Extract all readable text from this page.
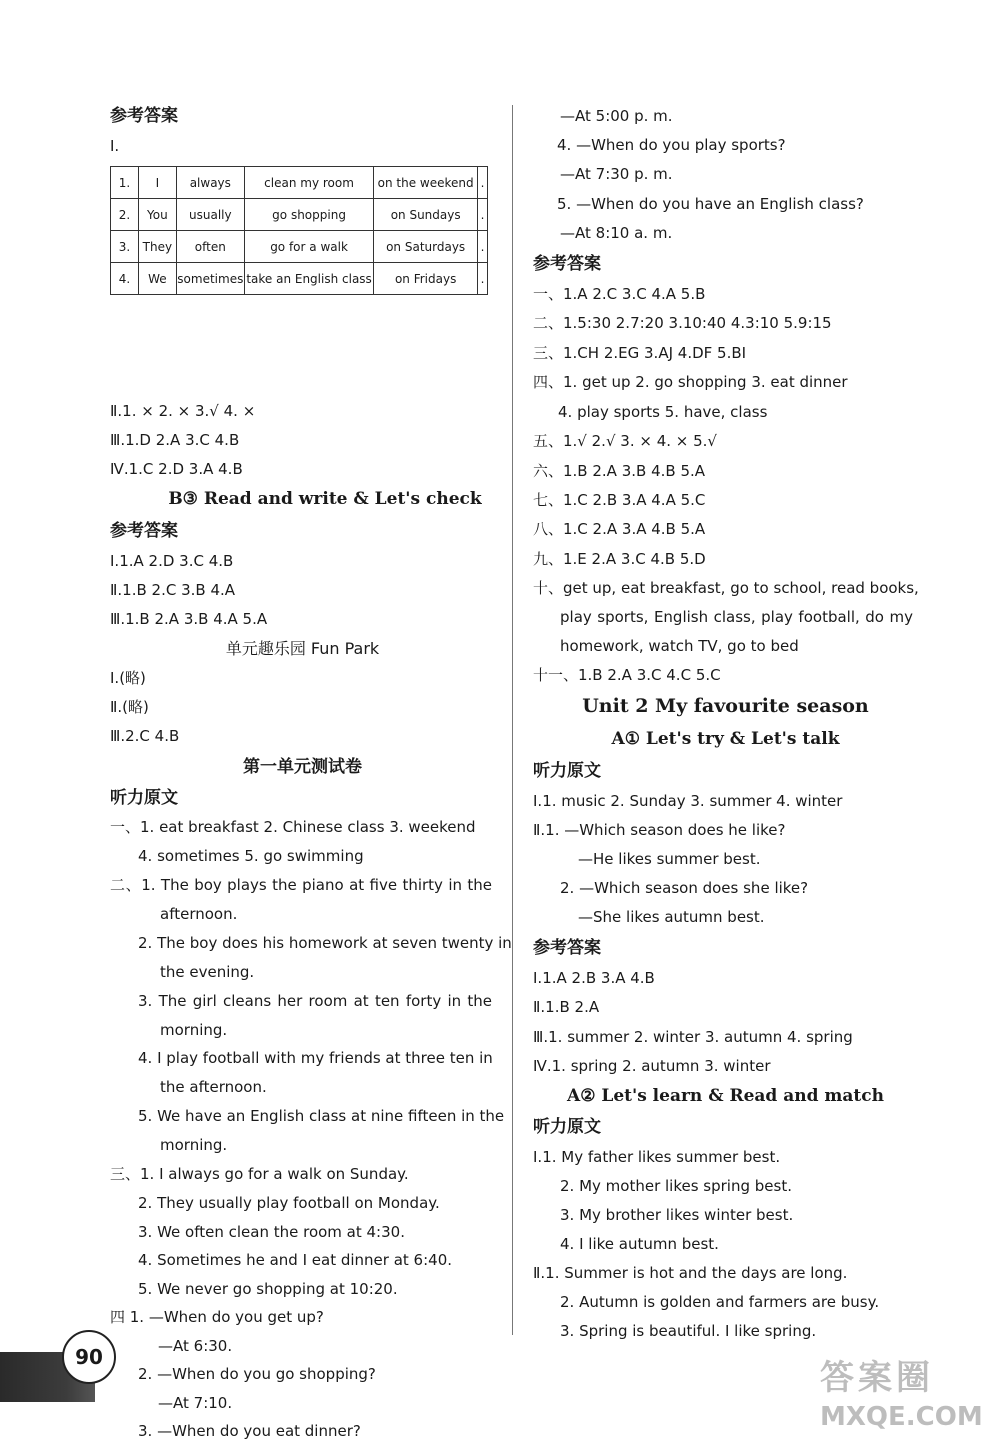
参考答案
Ⅰ.
Ⅱ.1. × 2. × 3.√ 4. ×
Ⅲ.1.D 2.A 3.C 4.B
Ⅳ.1.C 2.D 3.A 4.B
B③ Read and write & Let's check
参考答案
Ⅰ.1.A 2.D 3.C 4.B
Ⅱ.1.B 2.C 3.B 4.A
Ⅲ.1.B 2.A 3.B 4.A 5.A
单元趣乐园 Fun Park
Ⅰ.(略)
Ⅱ.(略)
Ⅲ.2.C 4.B
第一单元测试卷
听力原文
一、1. eat breakfast 2. Chinese class 3. weekend
4. sometimes 5. go swimming
二、1. The boy plays the piano at five thirty in the
afternoon.
2. The boy does his homework at seven twenty in
the evening.
3. The girl cleans her room at ten forty in the
morning.
4. I play football with my friends at three ten in
the afternoon.
5. We have an English class at nine fifteen in the
morning.
三、1. I always go for a walk on Sunday.
2. They usually play football on Monday.
3. We often clean the room at 4:30.
4. Sometimes he and I eat dinner at 6:40.
5. We never go shopping at 10:20.
四 1. —When do you get up?
—At 6:30.
2. —When do you go shopping?
—At 7:10.
3. —When do you eat dinner?
1.	I	always	clean my room	on the weekend	.
2.	You	usually	go shopping	on Sundays	.
3.	They	often	go for a walk	on Saturdays	.
4.	We	sometimes	take an English class	on Fridays	.
—At 5:00 p. m.
4. —When do you play sports?
—At 7:30 p. m.
5. —When do you have an English class?
—At 8:10 a. m.
参考答案
一、1.A 2.C 3.C 4.A 5.B
二、1.5:30 2.7:20 3.10:40 4.3:10 5.9:15
三、1.CH 2.EG 3.AJ 4.DF 5.BI
四、1. get up 2. go shopping 3. eat dinner
4. play sports 5. have, class
五、1.√ 2.√ 3. × 4. × 5.√
六、1.B 2.A 3.B 4.B 5.A
七、1.C 2.B 3.A 4.A 5.C
八、1.C 2.A 3.A 4.B 5.A
九、1.E 2.A 3.C 4.B 5.D
十、get up, eat breakfast, go to school, read books,
play sports, English class, play football, do my
homework, watch TV, go to bed
十一、1.B 2.A 3.C 4.C 5.C
Unit 2 My favourite season
A① Let's try & Let's talk
听力原文
Ⅰ.1. music 2. Sunday 3. summer 4. winter
Ⅱ.1. —Which season does he like?
—He likes summer best.
2. —Which season does she like?
—She likes autumn best.
参考答案
Ⅰ.1.A 2.B 3.A 4.B
Ⅱ.1.B 2.A
Ⅲ.1. summer 2. winter 3. autumn 4. spring
Ⅳ.1. spring 2. autumn 3. winter
A② Let's learn & Read and match
听力原文
Ⅰ.1. My father likes summer best.
2. My mother likes spring best.
3. My brother likes winter best.
4. I like autumn best.
Ⅱ.1. Summer is hot and the days are long.
2. Autumn is golden and farmers are busy.
3. Spring is beautiful. I like spring.
90
答案圈
MXQE.COM
